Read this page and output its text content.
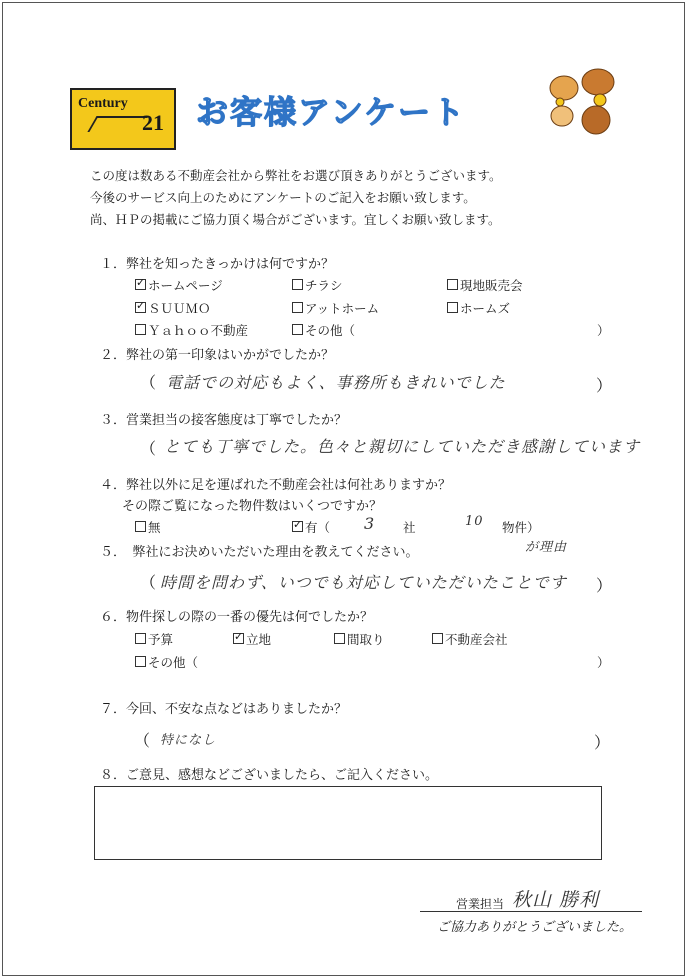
Century
21 お客様アンケート
この度は数ある不動産会社から弊社をお選び頂きありがとうございます。
今後のサービス向上のためにアンケートのご記入をお願い致します。
尚、ＨＰの掲載にご協力頂く場合がございます。宜しくお願い致します。
１．弊社を知ったきっかけは何ですか？
✓ホームページ	チラシ	現地販売会
✓ＳＵＵＭＯ	アットホーム	ホームズ
Ｙａｈｏｏ不動産	その他（	）
２．弊社の第一印象はいかがでしたか？
（ 電話での対応もよく、事務所もきれいでした	）
３．営業担当の接客態度は丁寧でしたか？
（ とても丁寧でした。色々と親切にしていただき感謝しています
４．弊社以外に足を運ばれた不動産会社は何社ありますか？
その際ご覧になった物件数はいくつですか？
無 ✓	有（ 3 社	10 物件）
５．　弊社にお決めいただいた理由を教えてください。	が理由
（ 時間を問わず、いつでも対応していただいたことです ）
６．物件探しの際の一番の優先は何でしたか？
予算 ✓	立地	間取り	不動産会社
その他（	）
７．今回、不安な点などはありましたか？
（ 特になし	）
８．ご意見、感想などございましたら、ご記入ください。
営業担当 秋山 勝利
ご協力ありがとうございました。
